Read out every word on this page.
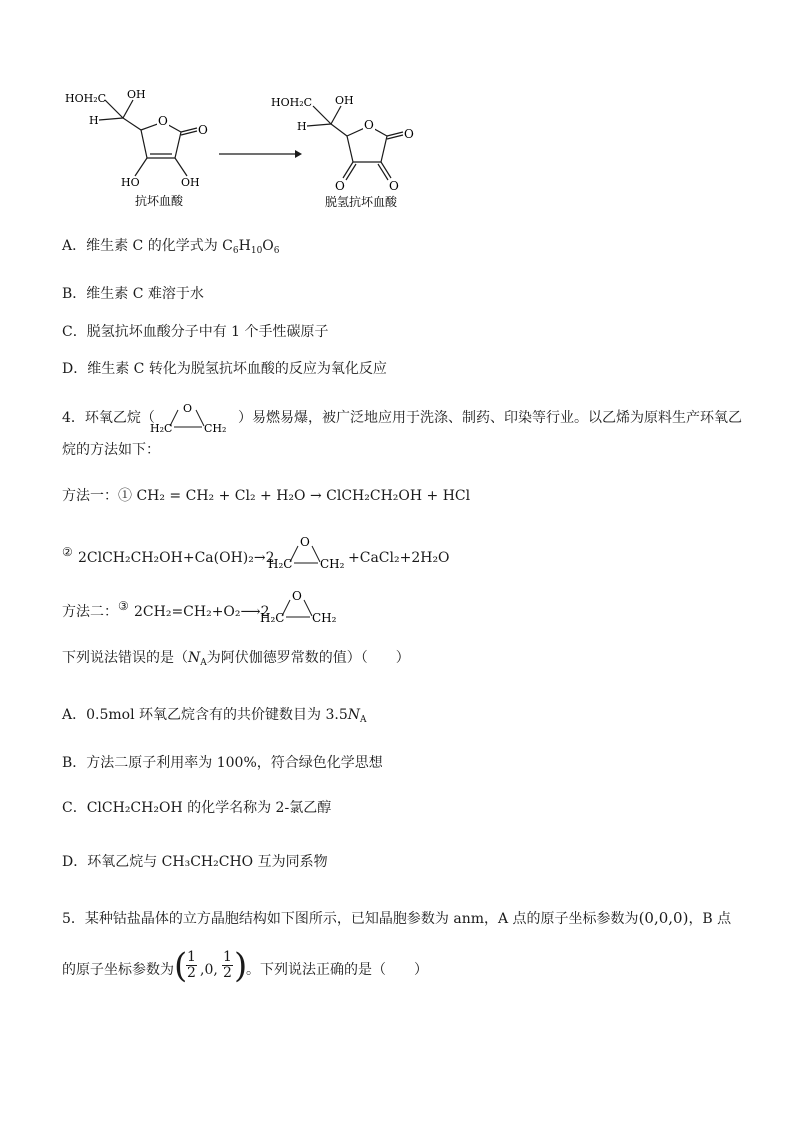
HOH₂C OH
H	O
O
HO	OH
抗坏血酸
HOH₂C OH
H	O
O
O	O
脱氢抗坏血酸
A．维生素 C 的化学式为 $C_6H_{10}O_6$
B．维生素 C 难溶于水
C．脱氢抗坏血酸分子中有 1 个手性碳原子
D．维生素 C 转化为脱氢抗坏血酸的反应为氧化反应
4．环氧乙烷（
O
H₂C	CH₂
）易燃易爆，被广泛地应用于洗涤、制药、印染等行业。以乙烯为原料生产环氧乙
烷的方法如下：
方法一：① CH₂ = CH₂ + Cl₂ + H₂O → ClCH₂CH₂OH + HCl
② 2ClCH₂CH₂OH+Ca(OH)₂→2
O
H₂C CH₂ +CaCl₂+2H₂O
方法二： ③ 2CH₂=CH₂+O₂⟶2
O
H₂C CH₂
下列说法错误的是（$N_A$为阿伏伽德罗常数的值）（　　）
A．0.5mol 环氧乙烷含有的共价键数目为 $3.5N_A$
B．方法二原子利用率为 100%，符合绿色化学思想
C．ClCH₂CH₂OH 的化学名称为 2-氯乙醇
D．环氧乙烷与 CH₃CH₂CHO 互为同系物
5．某种钴盐晶体的立方晶胞结构如下图所示，已知晶胞参数为 anm，A 点的原子坐标参数为(0,0,0)，B 点
的原子坐标参数为 (
$\frac{1}{2} ,0$, $\frac{1}{2}$ )
。下列说法正确的是（　　）
